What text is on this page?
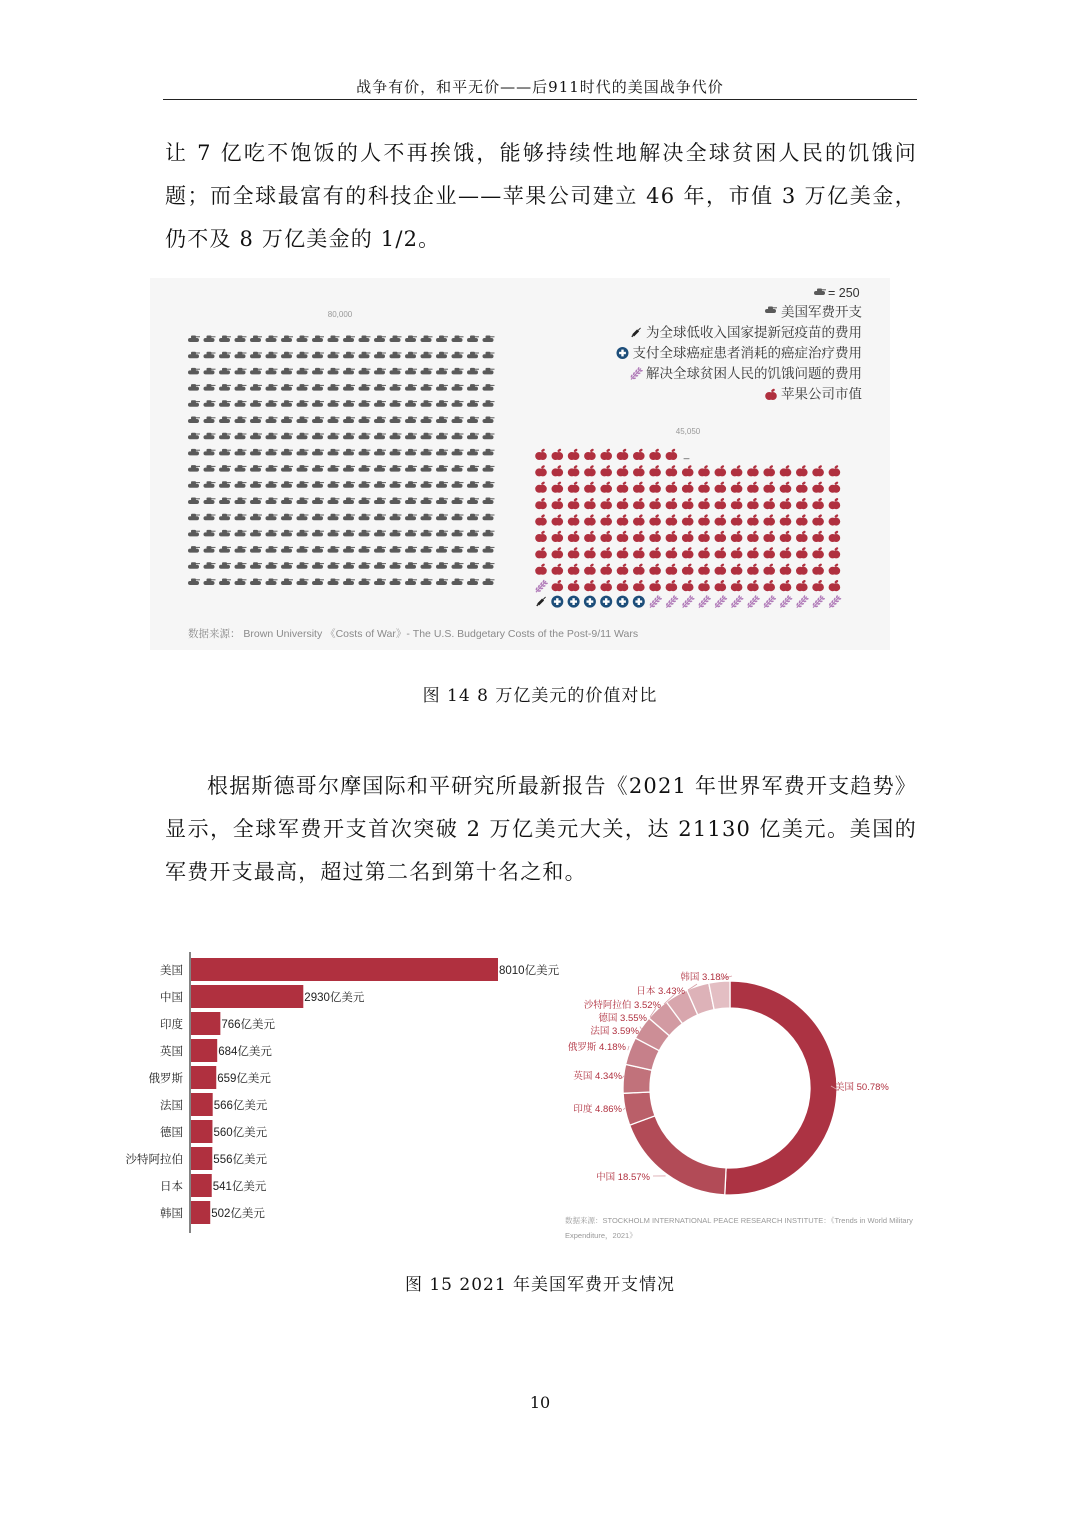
战争有价，和平无价——后911时代的美国战争代价
让 7 亿吃不饱饭的人不再挨饿，能够持续性地解决全球贫困人民的饥饿问题；而全球最富有的科技企业——苹果公司建立 46 年，市值 3 万亿美金，仍不及 8 万亿美金的 1/2。
80,000
_
45,050
= 250
美国军费开支
为全球低收入国家提新冠疫苗的费用
支付全球癌症患者消耗的癌症治疗费用
解决全球贫困人民的饥饿问题的费用
苹果公司市值
数据来源： Brown University 《Costs of War》- The U.S. Budgetary Costs of the Post-9/11 Wars
图 14 8 万亿美元的价值对比
根据斯德哥尔摩国际和平研究所最新报告《2021 年世界军费开支趋势》显示，全球军费开支首次突破 2 万亿美元大关，达 21130 亿美元。美国的军费开支最高，超过第二名到第十名之和。
美国	8010亿美元
中国	2930亿美元
印度	766亿美元
英国	684亿美元
俄罗斯	659亿美元
法国	566亿美元
德国	560亿美元
沙特阿拉伯	556亿美元
日本	541亿美元
韩国 502亿美元
美国 50.78%
中国 18.57%
印度 4.86%
英国 4.34%
俄罗斯 4.18%
法国 3.59%
德国 3.55%
沙特阿拉伯 3.52%
日本 3.43%
韩国 3.18%
数据来源：STOCKHOLM INTERNATIONAL PEACE RESEARCH INSTITUTE：《Trends in World Military
Expenditure，2021》
图 15 2021 年美国军费开支情况
10
